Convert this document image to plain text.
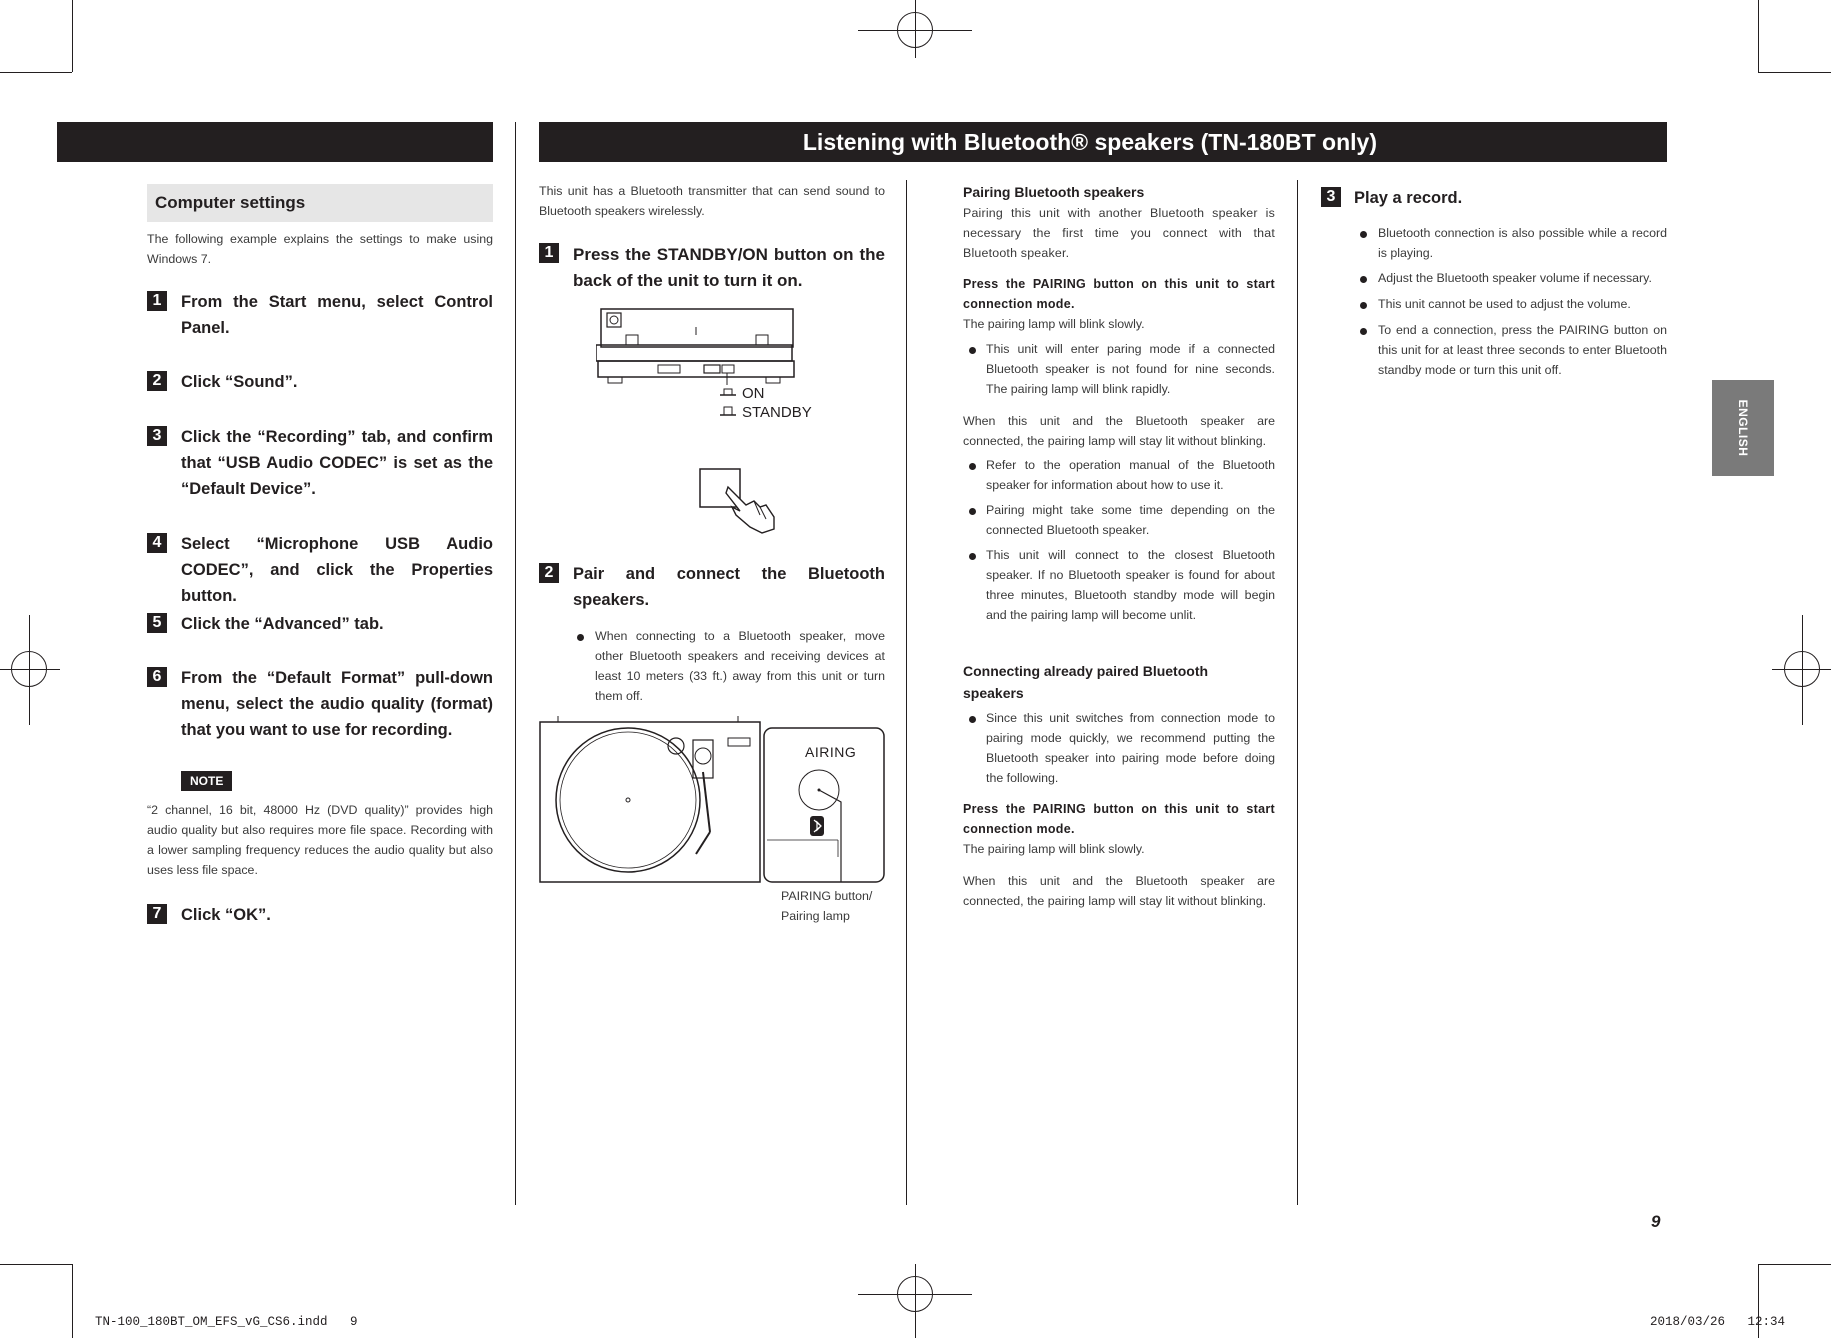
Listening with Bluetooth® speakers (TN-180BT only)
Computer settings
The following example explains the settings to make using Windows 7.
1	From the Start menu, select Control Panel.
2	Click “Sound”.
3	Click the “Recording” tab, and confirm that “USB Audio CODEC” is set as the “Default Device”.
4	Select “Microphone USB Audio CODEC”, and click the Properties button.
5	Click the “Advanced” tab.
6	From the “Default Format” pull-down menu, select the audio quality (format) that you want to use for recording.
NOTE
“2 channel, 16 bit, 48000 Hz (DVD quality)” provides high audio quality but also requires more file space. Recording with a lower sampling frequency reduces the audio quality but also uses less file space.
7	Click “OK”.
This unit has a Bluetooth transmitter that can send sound to Bluetooth speakers wirelessly.
1	Press the STANDBY/ON button on the back of the unit to turn it on.
ON
STANDBY
2	Pair and connect the Bluetooth speakers.
When connecting to a Bluetooth speaker, move other Bluetooth speakers and receiving devices at least 10 meters (33 ft.) away from this unit or turn them off.
AIRING
PAIRING button/
Pairing lamp
Pairing Bluetooth speakers
Pairing this unit with another Bluetooth speaker is necessary the first time you connect with that Bluetooth speaker.
Press the PAIRING button on this unit to start connection mode.
The pairing lamp will blink slowly.
This unit will enter paring mode if a connected Bluetooth speaker is not found for nine seconds. The pairing lamp will blink rapidly.
When this unit and the Bluetooth speaker are connected, the pairing lamp will stay lit without blinking.
Refer to the operation manual of the Bluetooth speaker for information about how to use it.
Pairing might take some time depending on the connected Bluetooth speaker.
This unit will connect to the closest Bluetooth speaker. If no Bluetooth speaker is found for about three minutes, Bluetooth standby mode will begin and the pairing lamp will become unlit.
Connecting already paired Bluetooth speakers
Since this unit switches from connection mode to pairing mode quickly, we recommend putting the Bluetooth speaker into pairing mode before doing the following.
Press the PAIRING button on this unit to start connection mode.
The pairing lamp will blink slowly.
When this unit and the Bluetooth speaker are connected, the pairing lamp will stay lit without blinking.
3	Play a record.
Bluetooth connection is also possible while a record is playing.
Adjust the Bluetooth speaker volume if necessary.
This unit cannot be used to adjust the volume.
To end a connection, press the PAIRING button on this unit for at least three seconds to enter Bluetooth standby mode or turn this unit off.
ENGLISH
9
TN-100_180BT_OM_EFS_vG_CS6.indd   9	2018/03/26   12:34
